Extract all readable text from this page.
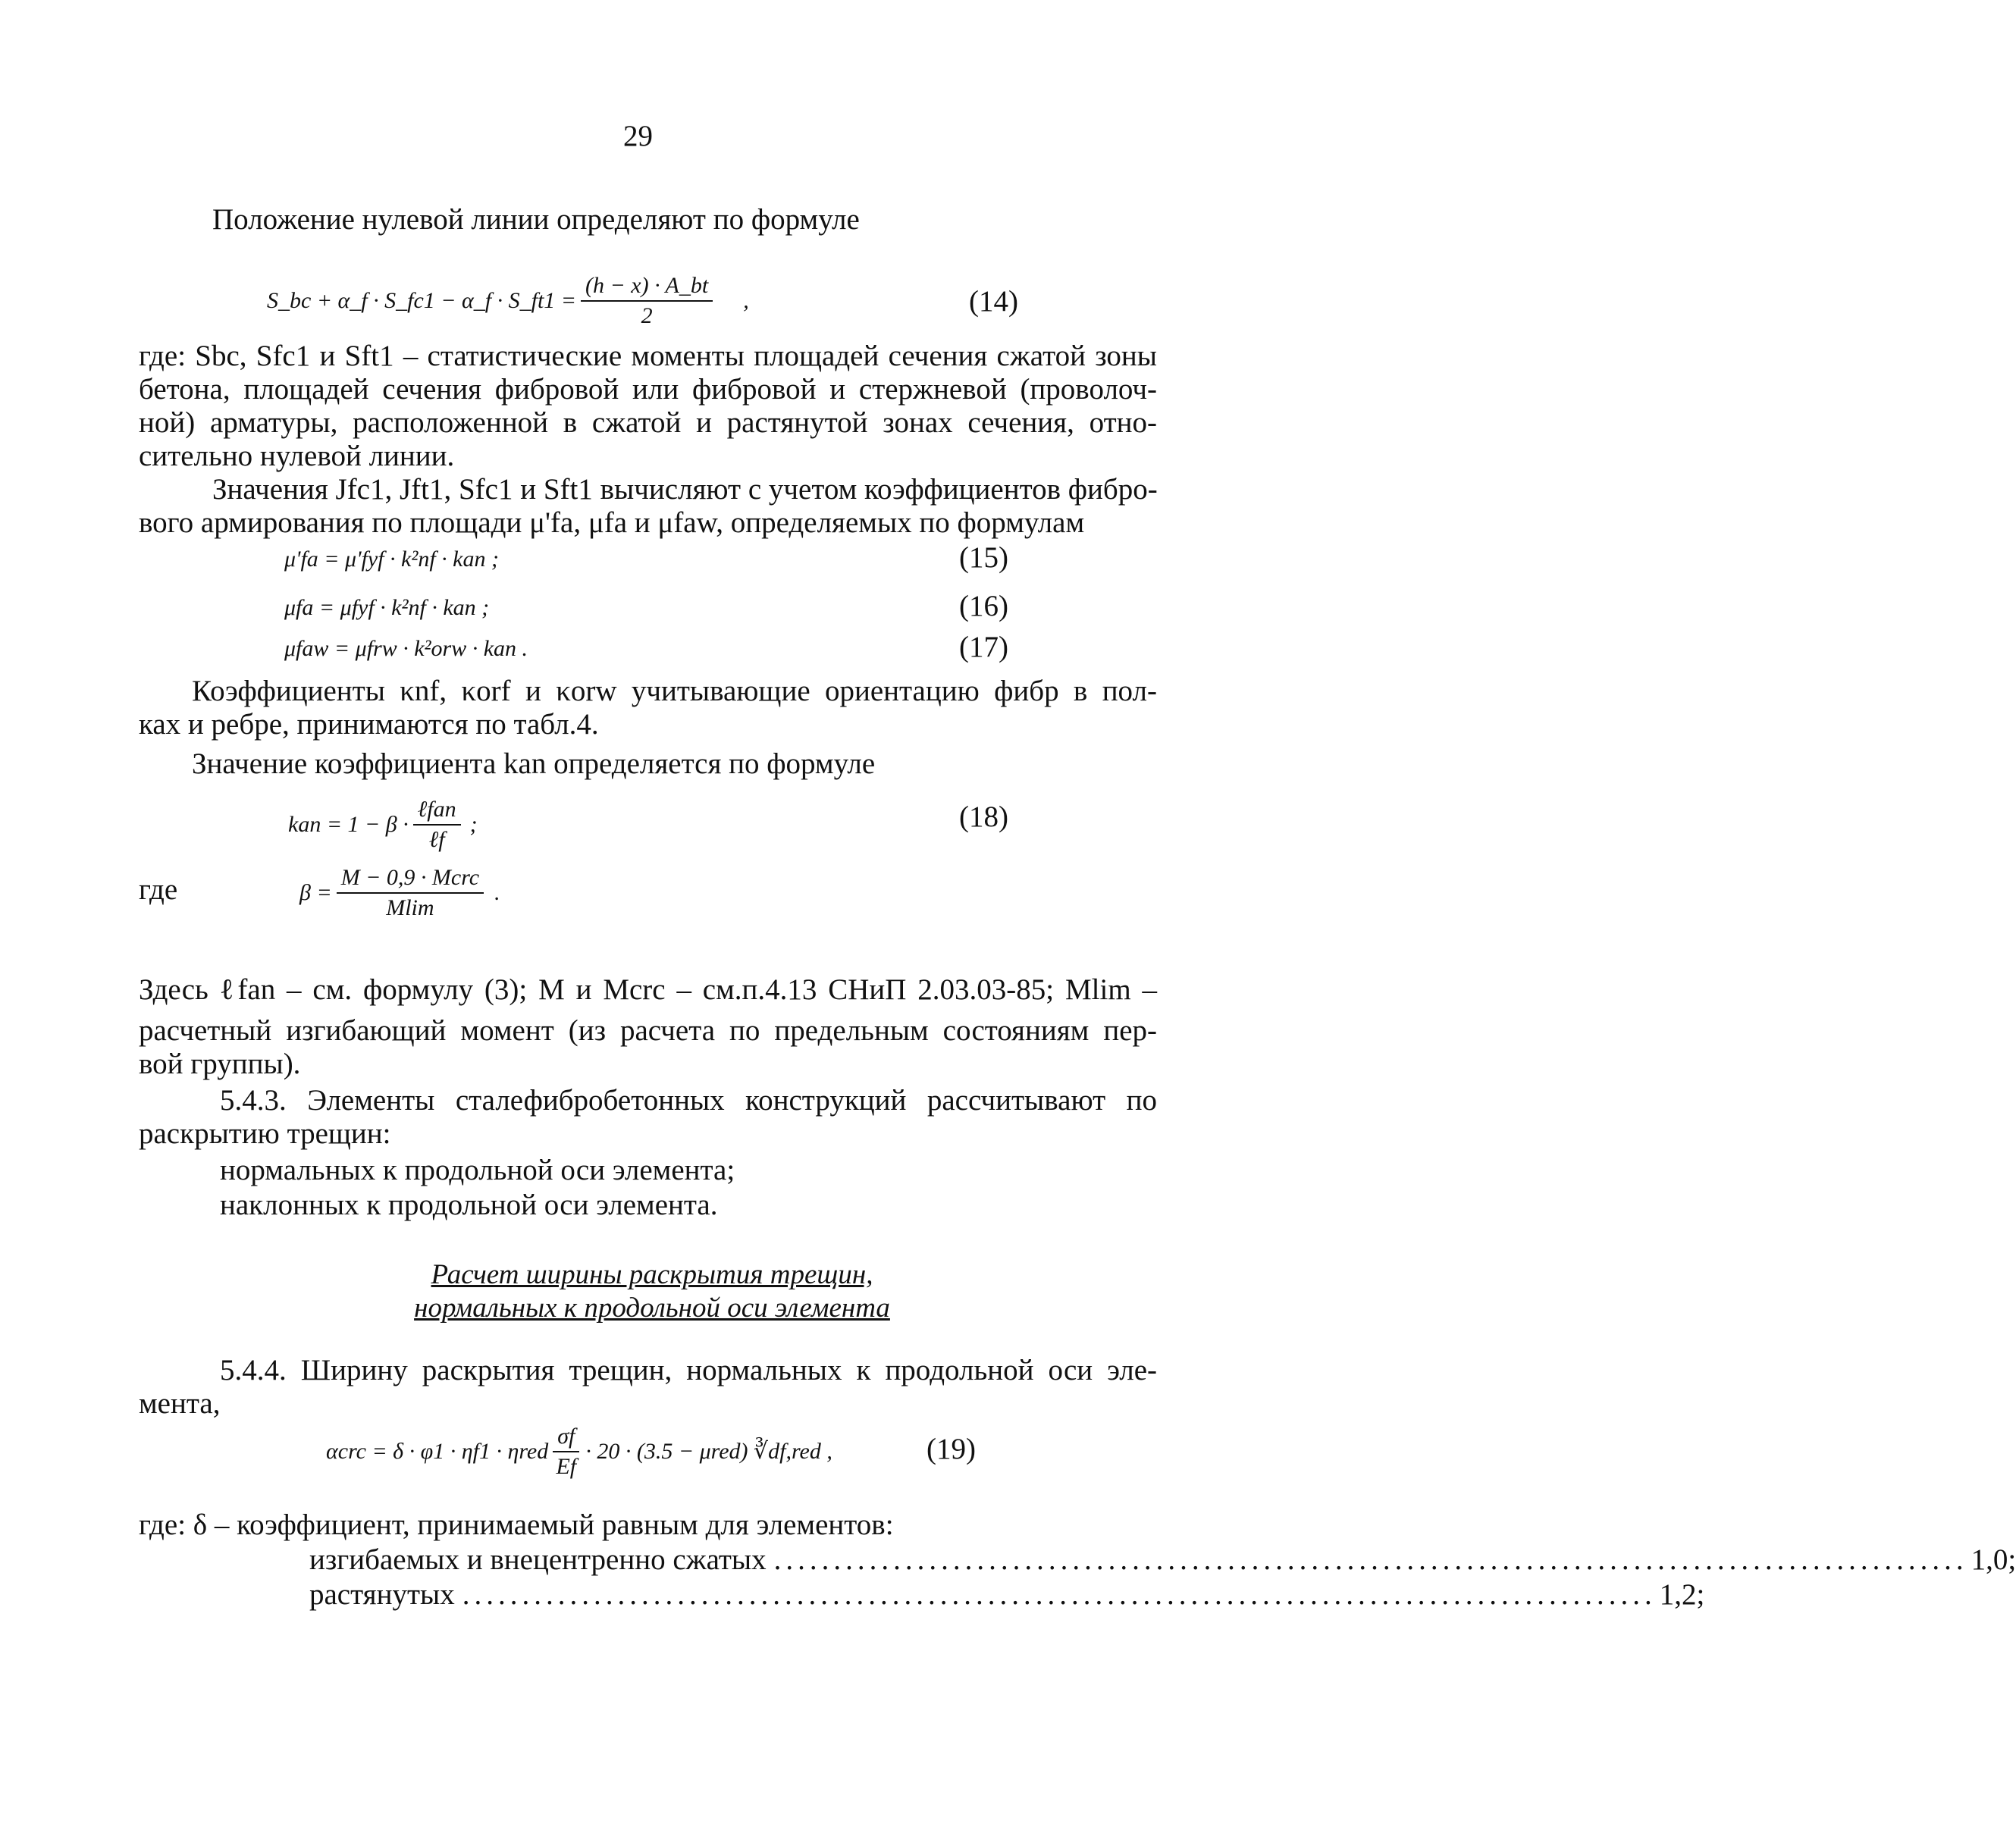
29
Положение нулевой линии определяют по формуле
S_bc + α_f · S_fc1 − α_f · S_ft1 = $\frac{(h - x) \cdot A\_bt}{2}$ ,	(14)
где: Sbc, Sfc1 и Sft1 – статистические моменты площадей сечения сжатой зоны
бетона, площадей сечения фибровой или фибровой и стержневой (проволоч-
ной) арматуры, расположенной в сжатой и растянутой зонах сечения, отно-
сительно нулевой линии.
Значения Jfc1, Jft1, Sfc1 и Sft1 вычисляют с учетом коэффициентов фибро-
вого армирования по площади μ'fa, μfa и μfaw, определяемых по формулам
μ'fa = μ'fyf · k²nf · kan ;	(15)
μfa = μfyf · k²nf · kan ;	(16)
μfaw = μfrw · k²orw · kan .	(17)
Коэффициенты κnf, κorf и κorw учитывающие ориентацию фибр в пол-
ках и ребре, принимаются по табл.4.
Значение коэффициента kan определяется по формуле
kan = $1 - \beta \cdot \frac{\text{ℓfan}}{\text{ℓf}}$ ;	(18)
где	$\beta = \frac{\text{M − 0,9 · Mcrc}}{Mlim}$ .
Здесь ℓfan – см. формулу (3); M и Mcrc – см.п.4.13 СНиП 2.03.03-85; Mlim –
расчетный изгибающий момент (из расчета по предельным состояниям пер-
вой группы).
5.4.3. Элементы сталефибробетонных конструкций рассчитывают по
раскрытию трещин:
нормальных к продольной оси элемента;
наклонных к продольной оси элемента.
Расчет ширины раскрытия трещин,
нормальных к продольной оси элемента
5.4.4. Ширину раскрытия трещин, нормальных к продольной оси эле-
мента,
αcrc = δ · φ1 · ηf1 · ηred $\frac{\sigma f}{Ef} \cdot 20 \cdot (3.5 - \mu red)$ ∛df,red ,	(19)
где: δ – коэффициент, принимаемый равным для элементов:
изгибаемых и внецентренно сжатых .................................................................................................... 1,0;
растянутых .................................................................................................... 1,2;
